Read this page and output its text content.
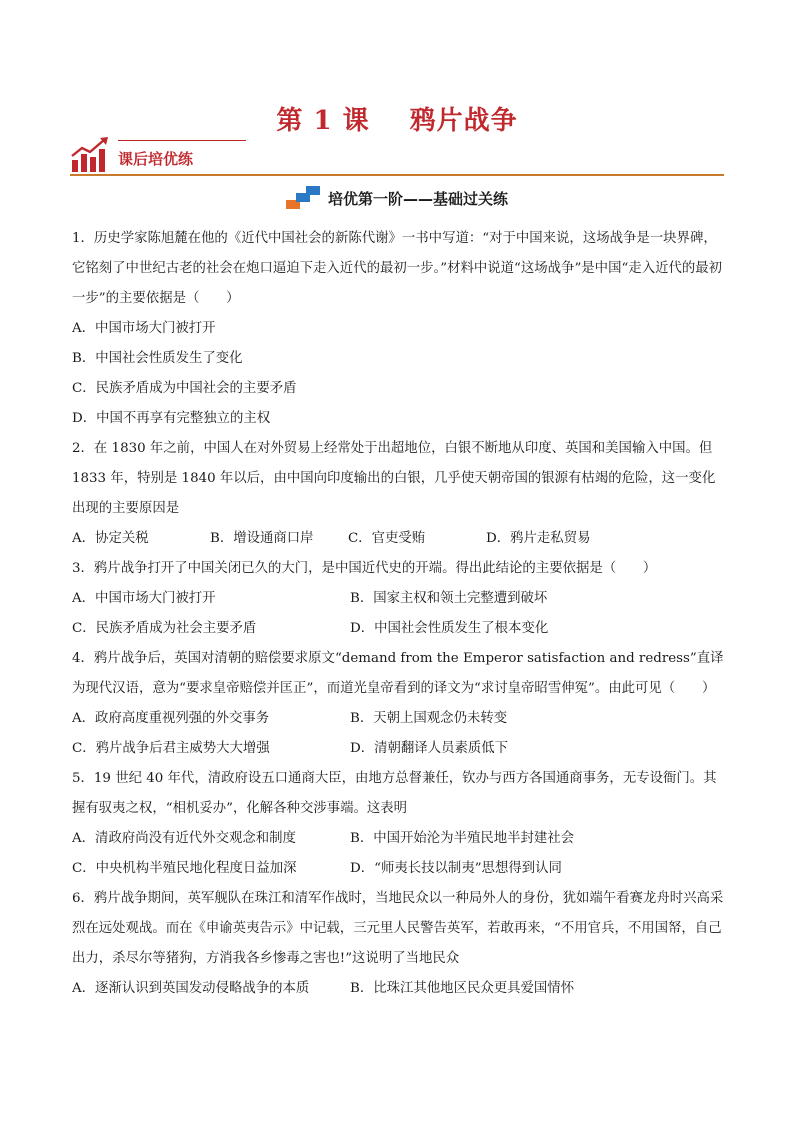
第 1 课 鸦片战争
课后培优练
培优第一阶——基础过关练

1．历史学家陈旭麓在他的《近代中国社会的新陈代谢》一书中写道：“对于中国来说，这场战争是一块界碑，它铭刻了中世纪古老的社会在炮口逼迫下走入近代的最初一步。”材料中说道“这场战争”是中国“走入近代的最初一步”的主要依据是（　　）

A．中国市场大门被打开

B．中国社会性质发生了变化

C．民族矛盾成为中国社会的主要矛盾

D．中国不再享有完整独立的主权

2．在 1830 年之前，中国人在对外贸易上经常处于出超地位，白银不断地从印度、英国和美国输入中国。但 1833 年，特别是 1840 年以后，由中国向印度输出的白银，几乎使天朝帝国的银源有枯竭的危险，这一变化出现的主要原因是

A．协定关税	B．增设通商口岸	C．官吏受贿	D．鸦片走私贸易

3．鸦片战争打开了中国关闭已久的大门，是中国近代史的开端。得出此结论的主要依据是（　　）

A．中国市场大门被打开	B．国家主权和领土完整遭到破坏
C．民族矛盾成为社会主要矛盾	D．中国社会性质发生了根本变化

4．鸦片战争后，英国对清朝的赔偿要求原文“demand from the Emperor satisfaction and redress”直译为现代汉语，意为“要求皇帝赔偿并匡正”，而道光皇帝看到的译文为“求讨皇帝昭雪伸冤”。由此可见（　　）

A．政府高度重视列强的外交事务	B．天朝上国观念仍未转变
C．鸦片战争后君主威势大大增强	D．清朝翻译人员素质低下

5．19 世纪 40 年代，清政府设五口通商大臣，由地方总督兼任，钦办与西方各国通商事务，无专设衙门。其握有驭夷之权，“相机妥办”，化解各种交涉事端。这表明

A．清政府尚没有近代外交观念和制度	B．中国开始沦为半殖民地半封建社会
C．中央机构半殖民地化程度日益加深	D．“师夷长技以制夷”思想得到认同

6．鸦片战争期间，英军舰队在珠江和清军作战时，当地民众以一种局外人的身份，犹如端午看赛龙舟时兴高采烈在远处观战。而在《申谕英夷告示》中记载，三元里人民警告英军，若敢再来，“不用官兵，不用国帑，自己出力，杀尽尔等猪狗，方消我各乡惨毒之害也!”这说明了当地民众

A．逐渐认识到英国发动侵略战争的本质	B．比珠江其他地区民众更具爱国情怀
